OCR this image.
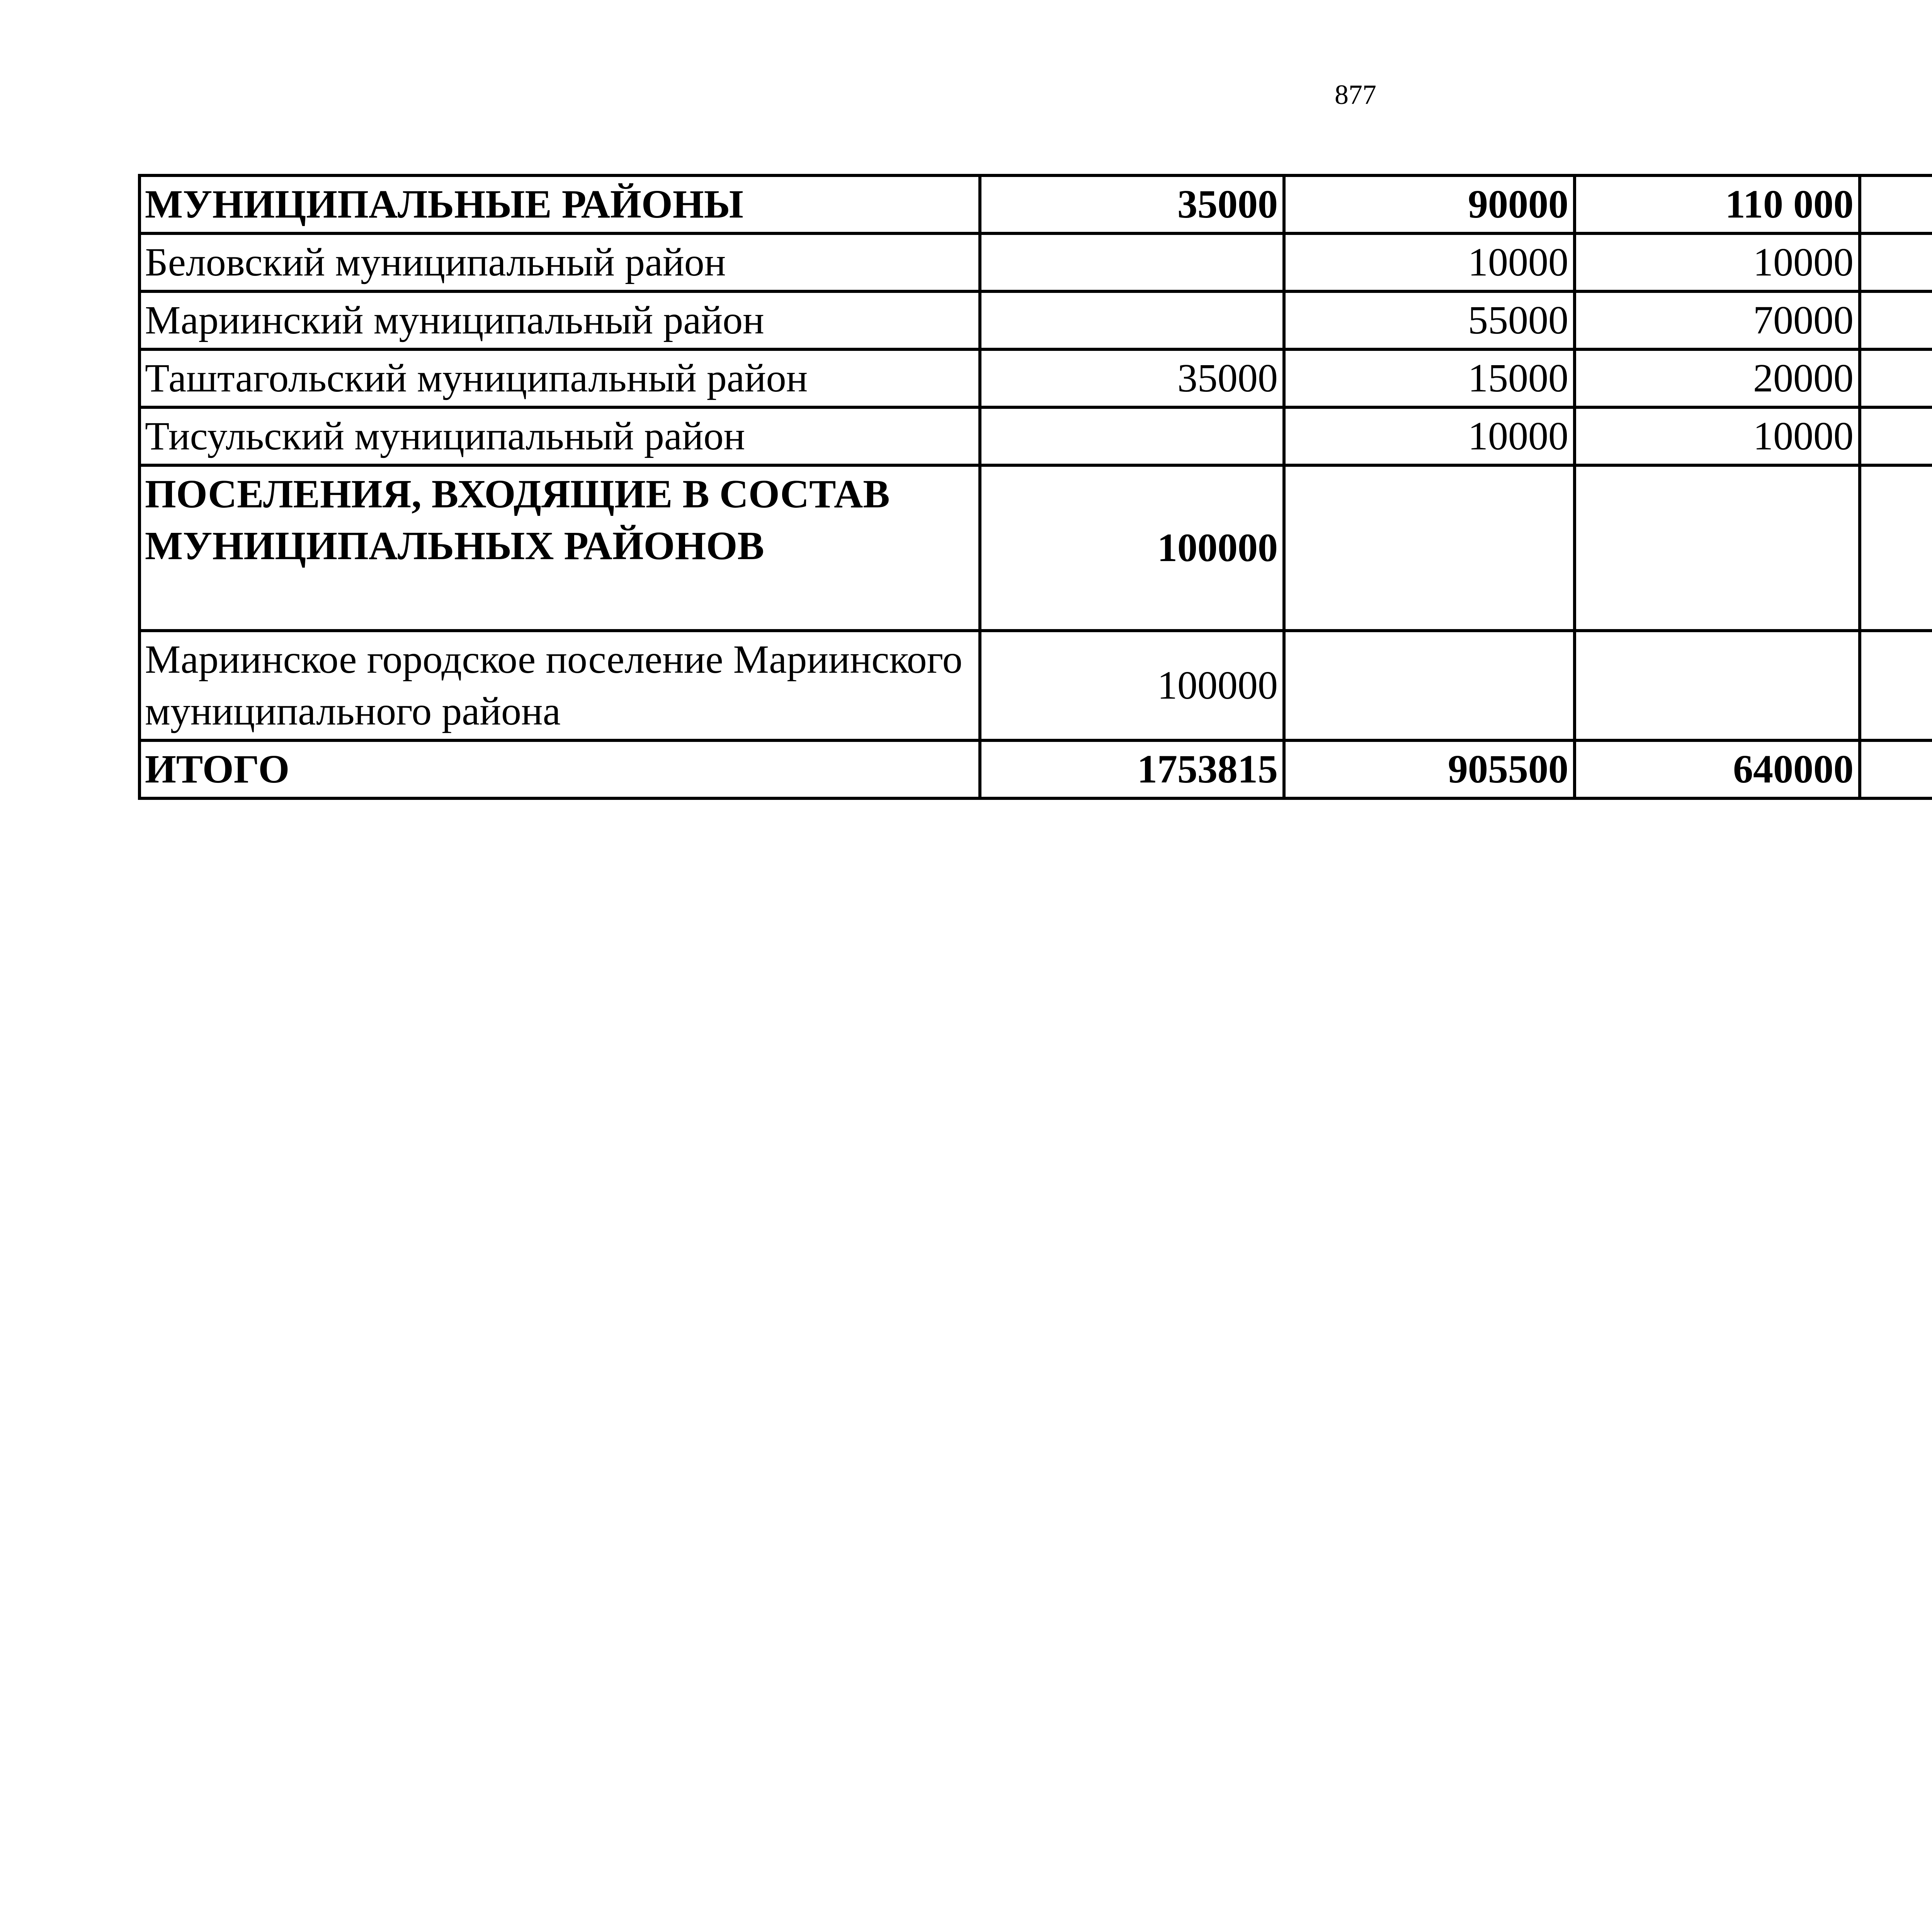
877
МУНИЦИПАЛЬНЫЕ РАЙОНЫ	35000	90000	110 000			
Беловский муниципальный район		10000	10000			
Мариинский муниципальный район		55000	70000			
Таштагольский муниципальный район	35000	15000	20000			
Тисульский муниципальный район		10000	10000			
ПОСЕЛЕНИЯ, ВХОДЯЩИЕ В СОСТАВ МУНИЦИПАЛЬНЫХ РАЙОНОВ	100000					
Мариинское городское поселение Мариинского муниципального района	100000					
ИТОГО	1753815	905500	640000			
